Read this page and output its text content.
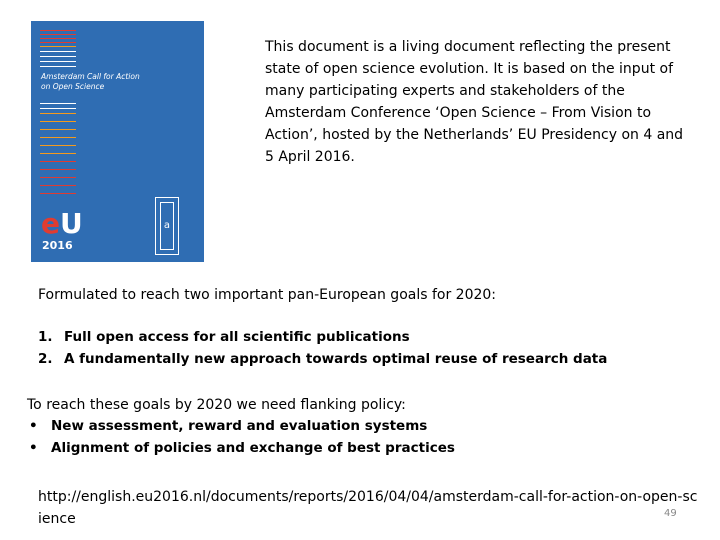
Amsterdam Call for Action
on Open Science
eU
2016
a
This document is a living document reflecting the present state of open science evolution. It is based on the input of many participating experts and stakeholders of the Amsterdam Conference ‘Open Science – From Vision to Action’, hosted by the Netherlands’ EU Presidency on 4 and 5 April 2016.
Formulated to reach two important pan-European goals for 2020:
1. Full open access for all scientific publications
2. A fundamentally new approach towards optimal reuse of research data
To reach these goals by 2020 we need flanking policy:
• New assessment, reward and evaluation systems
• Alignment of policies and exchange of best practices
http://english.eu2016.nl/documents/reports/2016/04/04/amsterdam-call-for-action-on-open-science	49
